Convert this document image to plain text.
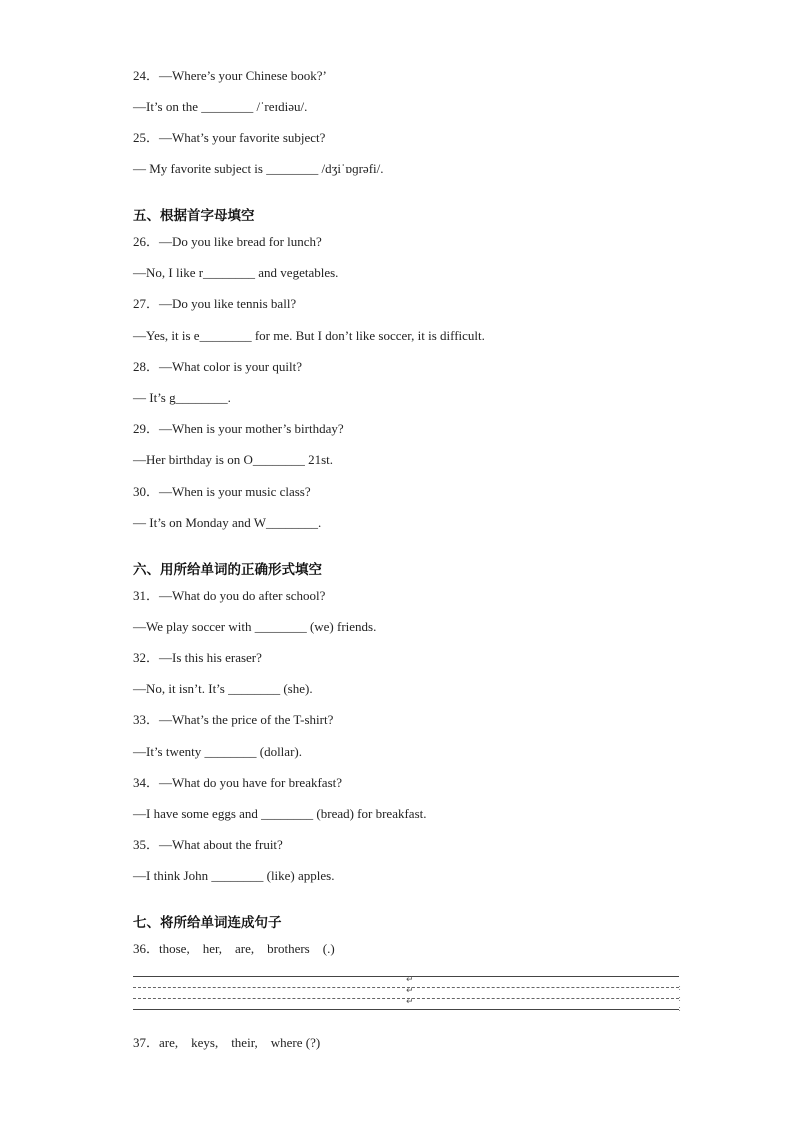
24．—Where’s your Chinese book?’
—It’s on the ________ /ˈreɪdiəu/.
25．—What’s your favorite subject?
— My favorite subject is ________ /dʒiˈɒɡrəfi/.
五、根据首字母填空
26．—Do you like bread for lunch?
—No, I like r________ and vegetables.
27．—Do you like tennis ball?
—Yes, it is e________ for me. But I don’t like soccer, it is difficult.
28．—What color is your quilt?
— It’s g________.
29．—When is your mother’s birthday?
—Her birthday is on O________ 21st.
30．—When is your music class?
— It’s on Monday and W________.
六、用所给单词的正确形式填空
31．—What do you do after school?
—We play soccer with ________ (we) friends.
32．—Is this his eraser?
—No, it isn’t. It’s ________ (she).
33．—What’s the price of the T-shirt?
—It’s twenty ________ (dollar).
34．—What do you have for breakfast?
—I have some eggs and ________ (bread) for breakfast.
35．—What about the fruit?
—I think John ________ (like) apples.
七、将所给单词连成句子
36．those,    her,    are,    brothers    (.)
↵
↵
↵
:
:
:
37．are,    keys,    their,    where (?)
